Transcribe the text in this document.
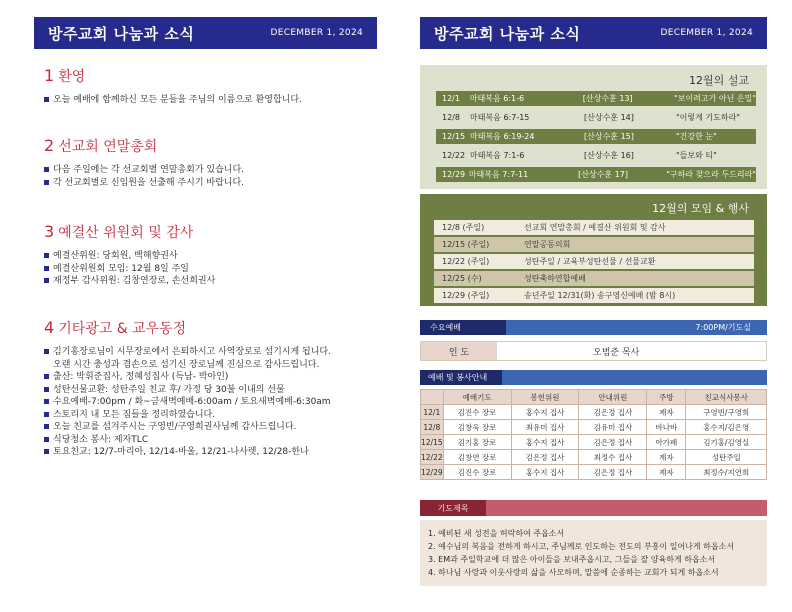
방주교회 나눔과 소식	DECEMBER 1, 2024
1 환영
오늘 예배에 함께하신 모든 분들을 주님의 이름으로 환영합니다.
2 선교회 연말총회
다음 주일에는 각 선교회별 연말총회가 있습니다.
각 선교회별로 신임원을 선출해 주시기 바랍니다.
3 예결산 위원회 및 감사
예결산위원: 당회원, 백해향권사
예결산위원회 모임: 12월 8일 주일
재정부 감사위원: 김창연장로, 손선희권사
4 기타광고 & 교우동정
김기홍장로님이 시무장로에서 은퇴하시고 사역장로로 섬기시게 됩니다.
오랜 시간 충성과 겸손으로 섬기신 장로님께 진심으로 감사드립니다.
출산: 박휘준집사, 정혜성집사 (득남- 박아인)
성탄선물교환: 성탄주일 친교 후/ 가정 당 30불 이내의 선물
수요예배-7:00pm / 화~금새벽예배-6:00am / 토요새벽예배-6:30am
스토리지 내 모든 짐들을 정리하였습니다.
오늘 친교를 섬겨주시는 구영빈/구영희권사님께 감사드립니다.
식당청소 봉사: 제자TLC
토요친교: 12/7-마리아, 12/14-바울, 12/21-나사렛, 12/28-한나
방주교회 나눔과 소식	DECEMBER 1, 2024
12월의 설교
12/1	마태복음 6:1-6	[산상수훈 13]	"보이려고가 아닌 은밀"
12/8	마태복음 6:7-15	[산상수훈 14]	"이렇게 기도하라"
12/15 마태복음 6:19-24	[산상수훈 15]	"건강한 눈"
12/22 마태복음 7:1-6	[산상수훈 16]	"들보와 티"
12/29 마태복음 7:7-11	[산상수훈 17]	"구하라 찾으라 두드리라"
12월의 모임 & 행사
12/8 (주일)	선교회 연말총회 / 예결산 위원회 및 감사
12/15 (주일)	연말공동의회
12/22 (주일)	성탄주일 / 교육부성탄선물 / 선물교환
12/25 (수)	성탄축하연합예배
12/29 (주일)	송년주일 12/31(화) 송구영신예배 (밤 8시)
수요예배	7:00PM/기도실
인 도	오범준 목사
예배 및 봉사안내
	예배기도	봉헌위원	안내위원	주방	친교식사봉사
12/1	김진수 장로	홍수지 집사	김은정 집사	제자	구영빈/구영희
12/8	김창욱 장로	최유미 집사	김유미 집사	바나바	홍수지/김은영
12/15	김기홍 장로	홍수지 집사	김은정 집사	아가페	김기홍/김영실
12/22	김창연 장로	김은정 집사	최정수 집사	제자	성탄주일
12/29	김진수 장로	홍수지 집사	김은정 집사	제자	최정수/지연희
기도제목
1. 예비된 새 성전을 허락하여 주옵소서
2. 예수님의 복음을 전하게 하시고, 주님께로 인도하는 전도의 부흥이 일어나게 하옵소서
3. EM과 주일학교에 더 많은 아이들을 보내주옵시고, 그들을 잘 양육하게 하옵소서
4. 하나님 사랑과 이웃사랑의 삶을 사모하며, 말씀에 순종하는 교회가 되게 하옵소서
